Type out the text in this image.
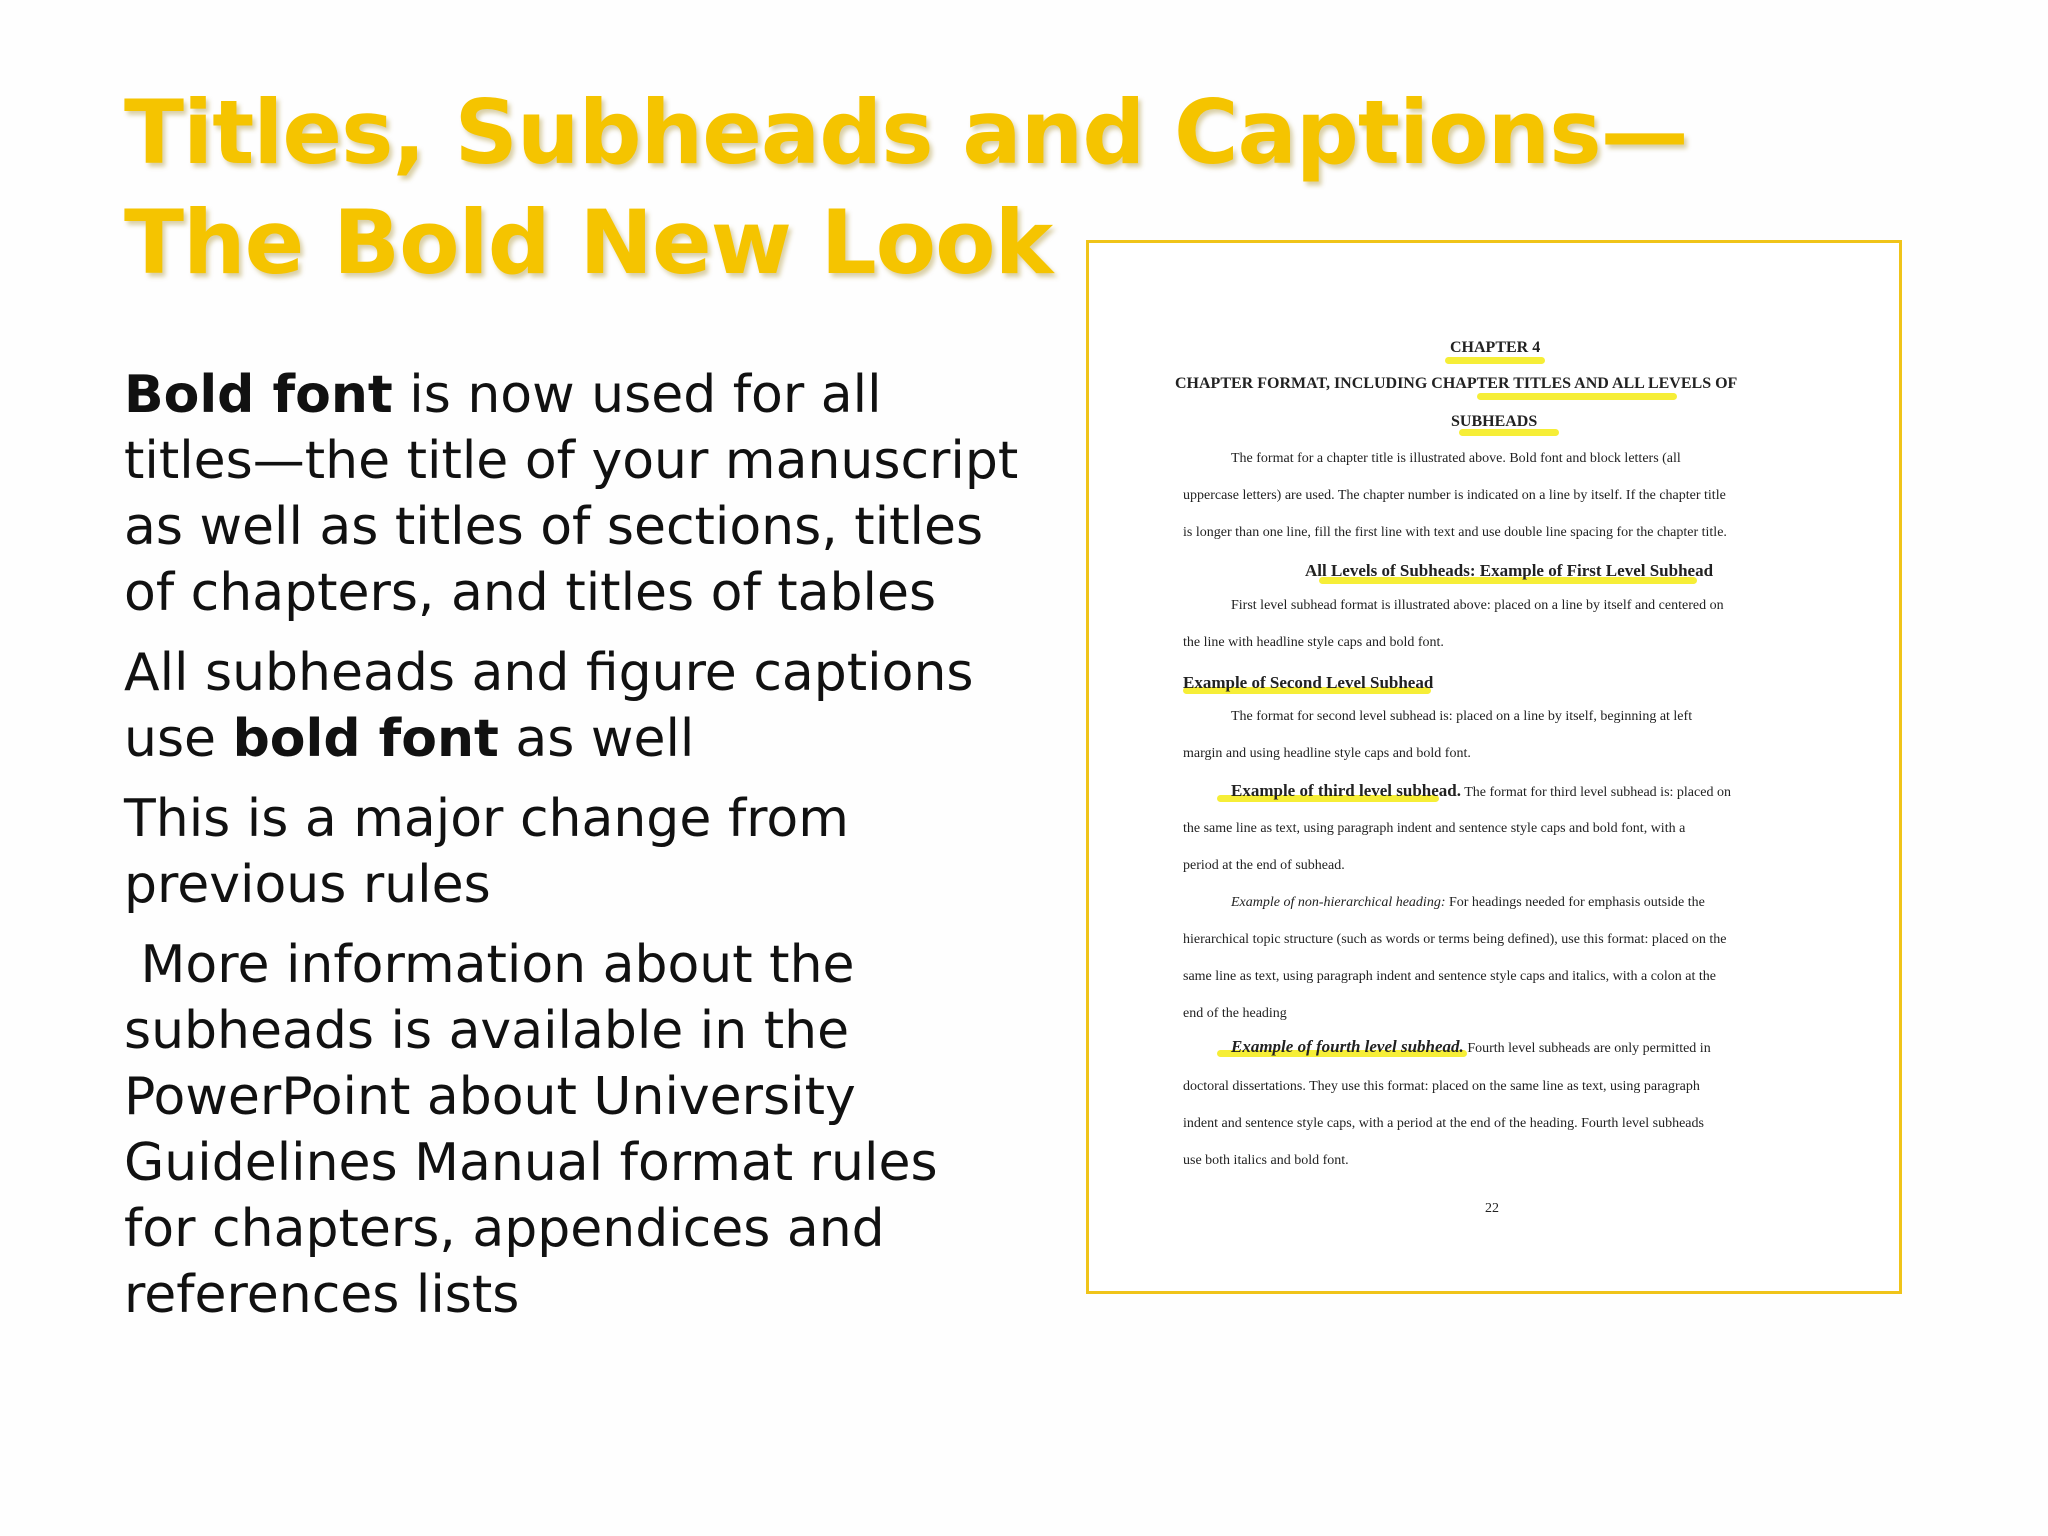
Titles, Subheads and Captions—The Bold New Look
Bold font is now used for all titles—the title of your manuscript as well as titles of sections, titles of chapters, and titles of tables
All subheads and figure captions use bold font as well
This is a major change from previous rules
More information about the subheads is available in the PowerPoint about University Guidelines Manual format rules for chapters, appendices and references lists
CHAPTER 4
CHAPTER FORMAT, INCLUDING CHAPTER TITLES AND ALL LEVELS OF
SUBHEADS
The format for a chapter title is illustrated above. Bold font and block letters (all
uppercase letters) are used. The chapter number is indicated on a line by itself. If the chapter title
is longer than one line, fill the first line with text and use double line spacing for the chapter title.
All Levels of Subheads: Example of First Level Subhead
First level subhead format is illustrated above: placed on a line by itself and centered on
the line with headline style caps and bold font.
Example of Second Level Subhead
The format for second level subhead is: placed on a line by itself, beginning at left
margin and using headline style caps and bold font.
Example of third level subhead. The format for third level subhead is: placed on
the same line as text, using paragraph indent and sentence style caps and bold font, with a
period at the end of subhead.
Example of non-hierarchical heading: For headings needed for emphasis outside the
hierarchical topic structure (such as words or terms being defined), use this format: placed on the
same line as text, using paragraph indent and sentence style caps and italics, with a colon at the
end of the heading
Example of fourth level subhead. Fourth level subheads are only permitted in
doctoral dissertations. They use this format: placed on the same line as text, using paragraph
indent and sentence style caps, with a period at the end of the heading. Fourth level subheads
use both italics and bold font.
22
